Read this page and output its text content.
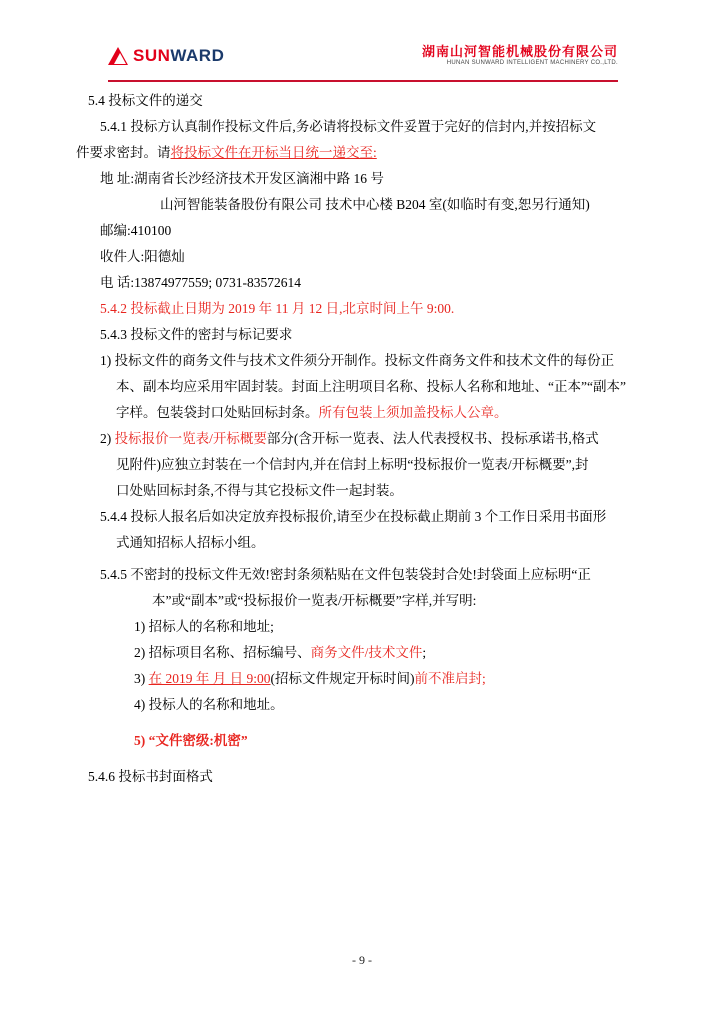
SUNWARD	湖南山河智能机械股份有限公司
HUNAN SUNWARD INTELLIGENT MACHINERY CO.,LTD.

5.4 投标文件的递交

5.4.1 投标方认真制作投标文件后,务必请将投标文件妥置于完好的信封内,并按招标文

件要求密封。请将投标文件在开标当日统一递交至:

地 址:湖南省长沙经济技术开发区滴湘中路 16 号

山河智能装备股份有限公司 技术中心楼 B204 室(如临时有变,恕另行通知)

邮编:410100

收件人:阳德灿

电 话:13874977559; 0731-83572614

5.4.2 投标截止日期为 2019 年 11 月 12 日,北京时间上午 9:00.

5.4.3 投标文件的密封与标记要求

1) 投标文件的商务文件与技术文件须分开制作。投标文件商务文件和技术文件的每份正

本、副本均应采用牢固封装。封面上注明项目名称、投标人名称和地址、“正本”“副本”

字样。包装袋封口处贴回标封条。所有包装上须加盖投标人公章。

2) 投标报价一览表/开标概要部分(含开标一览表、法人代表授权书、投标承诺书,格式

见附件)应独立封装在一个信封内,并在信封上标明“投标报价一览表/开标概要”,封

口处贴回标封条,不得与其它投标文件一起封装。

5.4.4 投标人报名后如决定放弃投标报价,请至少在投标截止期前 3 个工作日采用书面形

式通知招标人招标小组。

5.4.5 不密封的投标文件无效!密封条须粘贴在文件包装袋封合处!封袋面上应标明“正

本”或“副本”或“投标报价一览表/开标概要”字样,并写明:

1) 招标人的名称和地址;

2) 招标项目名称、招标编号、商务文件/技术文件;

3) 在 2019 年 月 日 9:00(招标文件规定开标时间)前不准启封;

4) 投标人的名称和地址。

5) “文件密级:机密”

5.4.6 投标书封面格式

- 9 -
